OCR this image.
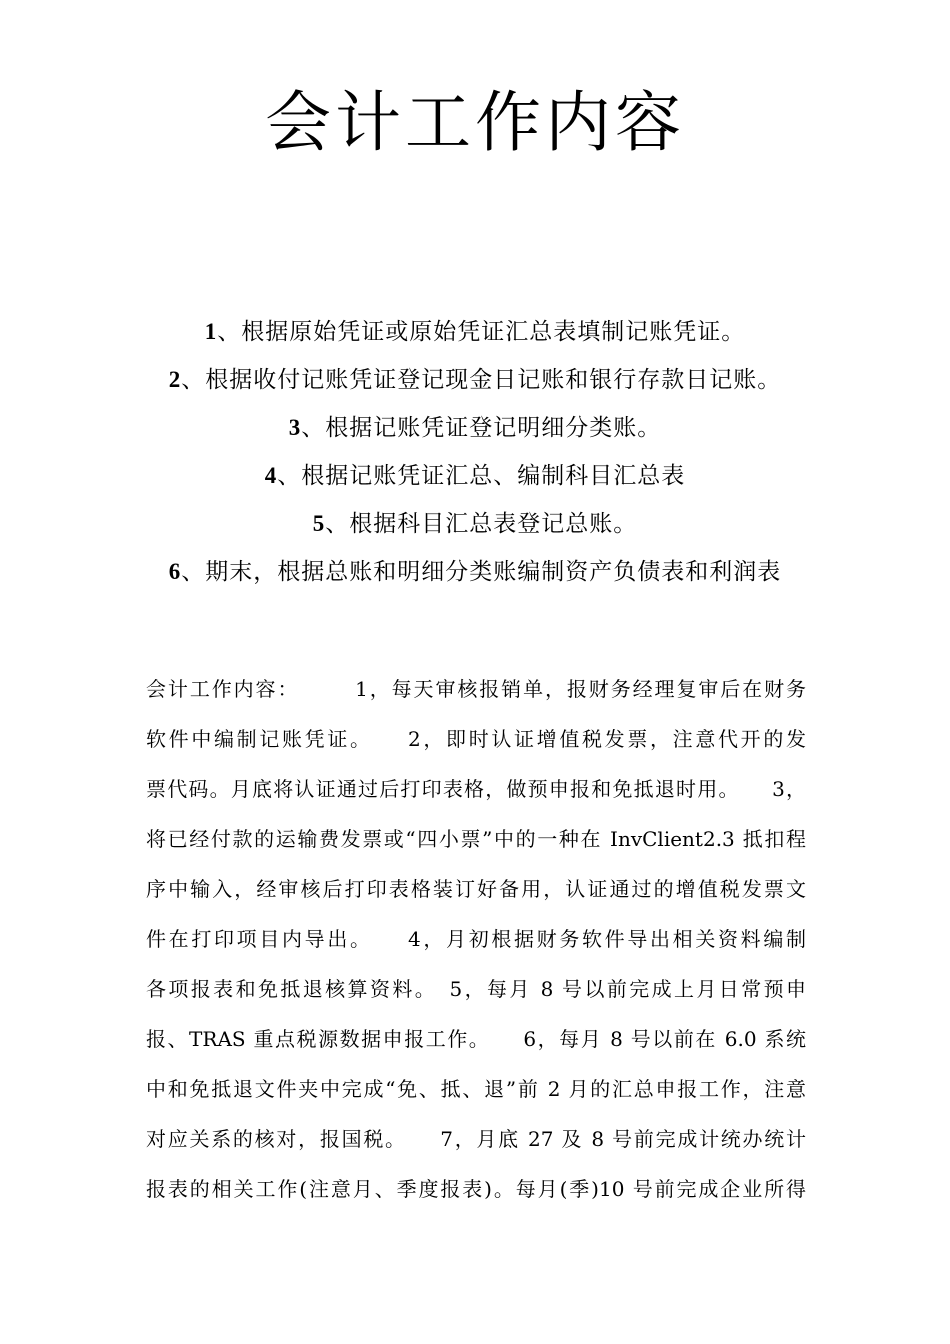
会计工作内容
1、根据原始凭证或原始凭证汇总表填制记账凭证。
2、根据收付记账凭证登记现金日记账和银行存款日记账。
3、根据记账凭证登记明细分类账。
4、根据记账凭证汇总、编制科目汇总表
5、根据科目汇总表登记总账。
6、期末，根据总账和明细分类账编制资产负债表和利润表
会计工作内容：　　　1，每天审核报销单，报财务经理复审后在财务
软件中编制记账凭证。　　2，即时认证增值税发票，注意代开的发
票代码。月底将认证通过后打印表格，做预申报和免抵退时用。　　3，
将已经付款的运输费发票或“四小票”中的一种在 InvClient2.3 抵扣程
序中输入，经审核后打印表格装订好备用，认证通过的增值税发票文
件在打印项目内导出。　　4，月初根据财务软件导出相关资料编制
各项报表和免抵退核算资料。　5，每月 8 号以前完成上月日常预申
报、TRAS 重点税源数据申报工作。　　6，每月 8 号以前在 6.0 系统
中和免抵退文件夹中完成“免、抵、退”前 2 月的汇总申报工作，注意
对应关系的核对，报国税。　　7，月底 27 及 8 号前完成计统办统计
报表的相关工作(注意月、季度报表)。每月(季)10 号前完成企业所得
